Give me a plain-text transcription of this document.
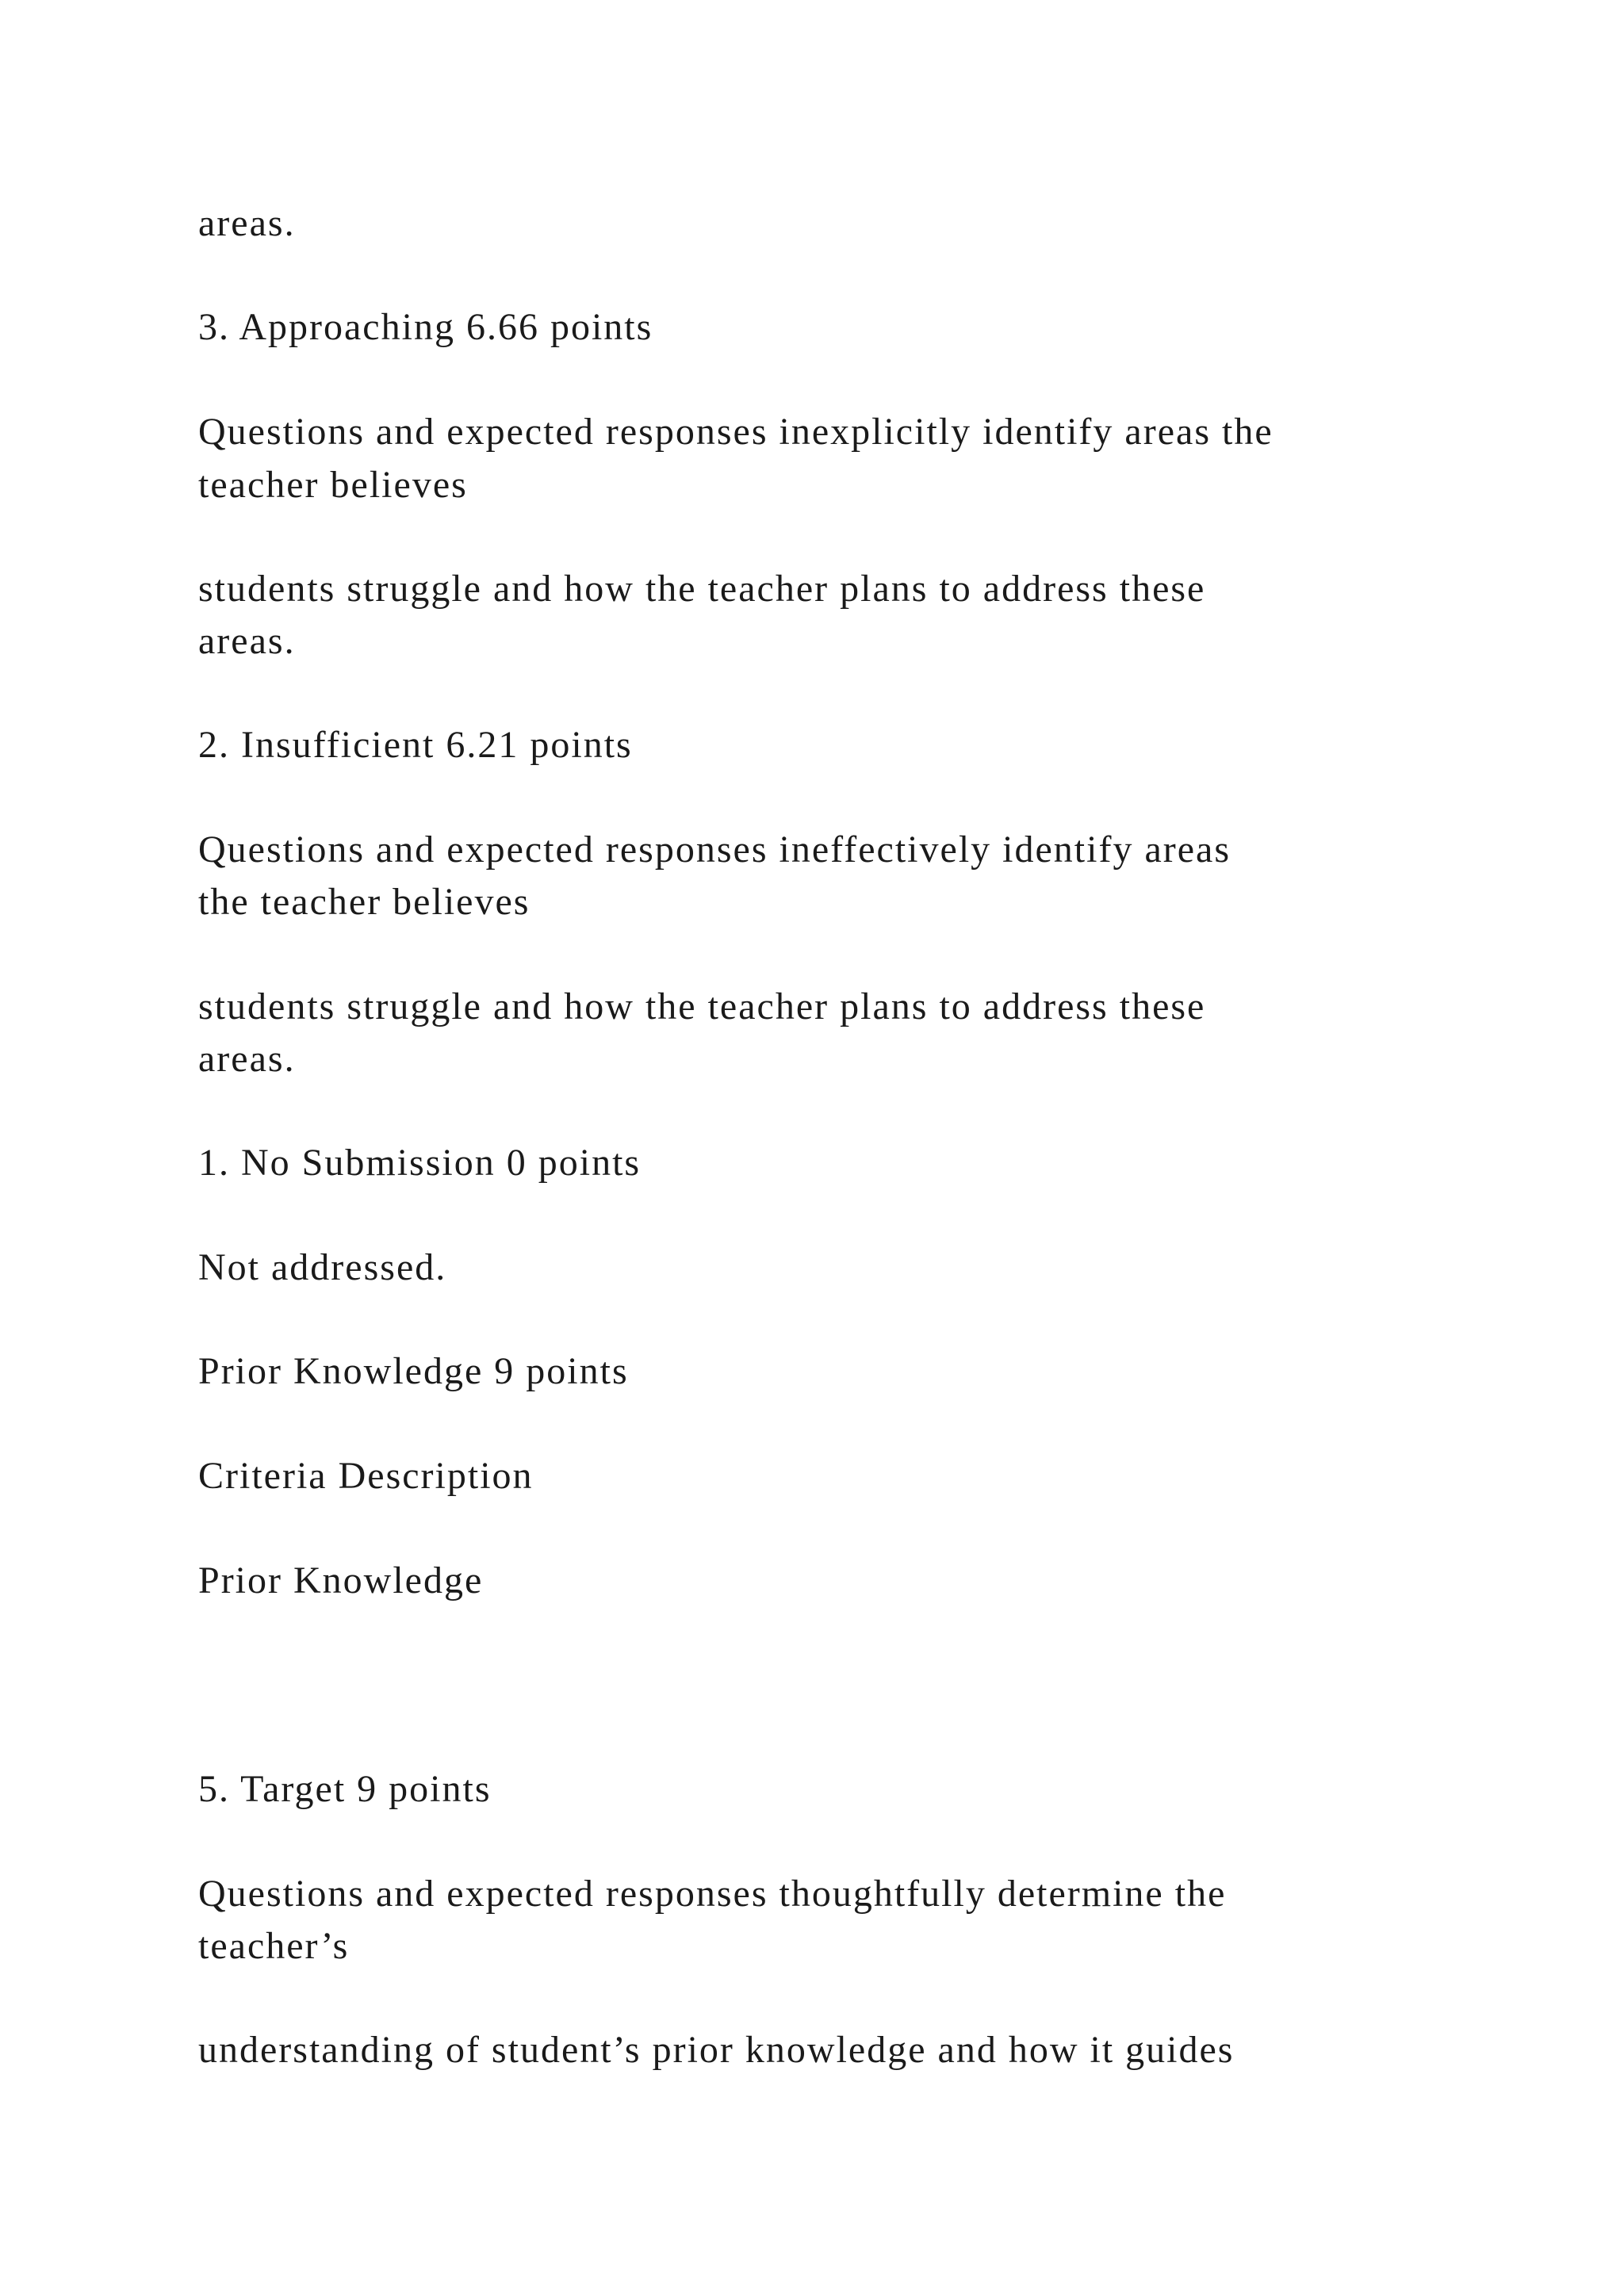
areas.

3. Approaching 6.66 points

Questions and expected responses inexplicitly identify areas the

teacher believes

students struggle and how the teacher plans to address these

areas.

2. Insufficient 6.21 points

Questions and expected responses ineffectively identify areas

the teacher believes

students struggle and how the teacher plans to address these

areas.

1. No Submission 0 points

Not addressed.

Prior Knowledge 9 points

Criteria Description

Prior Knowledge

5. Target 9 points

Questions and expected responses thoughtfully determine the

teacher’s

understanding of student’s prior knowledge and how it guides
